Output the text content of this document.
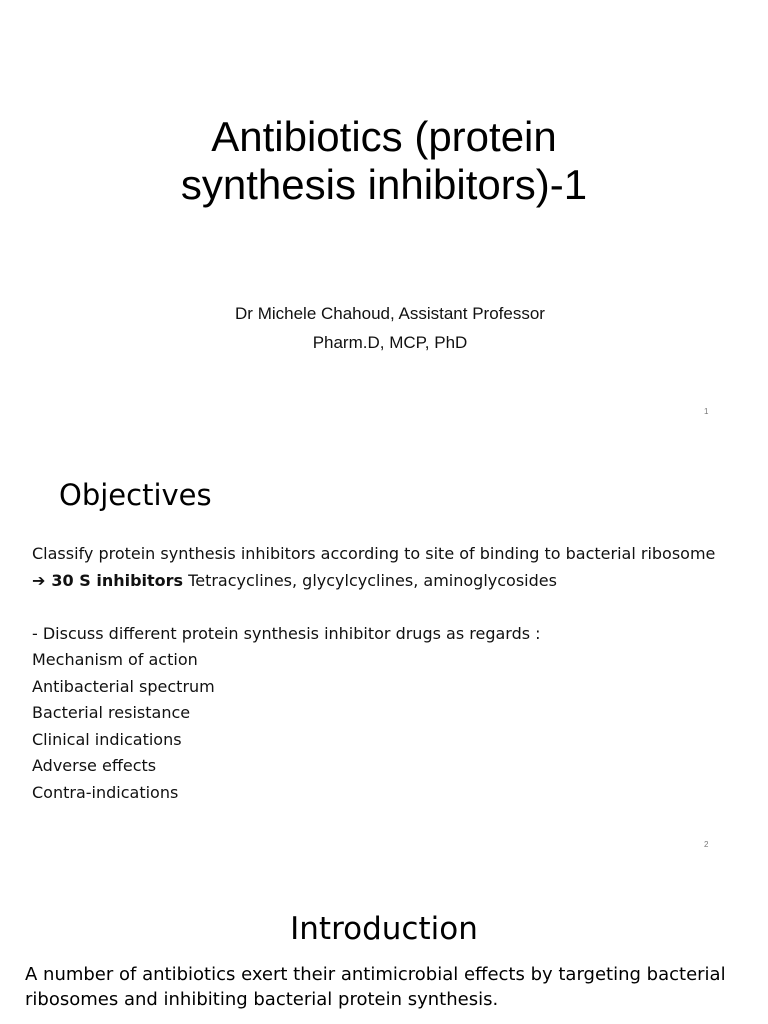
Antibiotics (protein
synthesis inhibitors)-1
Dr Michele Chahoud, Assistant Professor
Pharm.D, MCP, PhD
1
Objectives
Classify protein synthesis inhibitors according to site of binding to bacterial ribosome
➔ 30 S inhibitors Tetracyclines, glycylcyclines, aminoglycosides
- Discuss different protein synthesis inhibitor drugs as regards :
Mechanism of action
Antibacterial spectrum
Bacterial resistance
Clinical indications
Adverse effects
Contra-indications
2
Introduction
A number of antibiotics exert their antimicrobial effects by targeting bacterial
ribosomes and inhibiting bacterial protein synthesis.
